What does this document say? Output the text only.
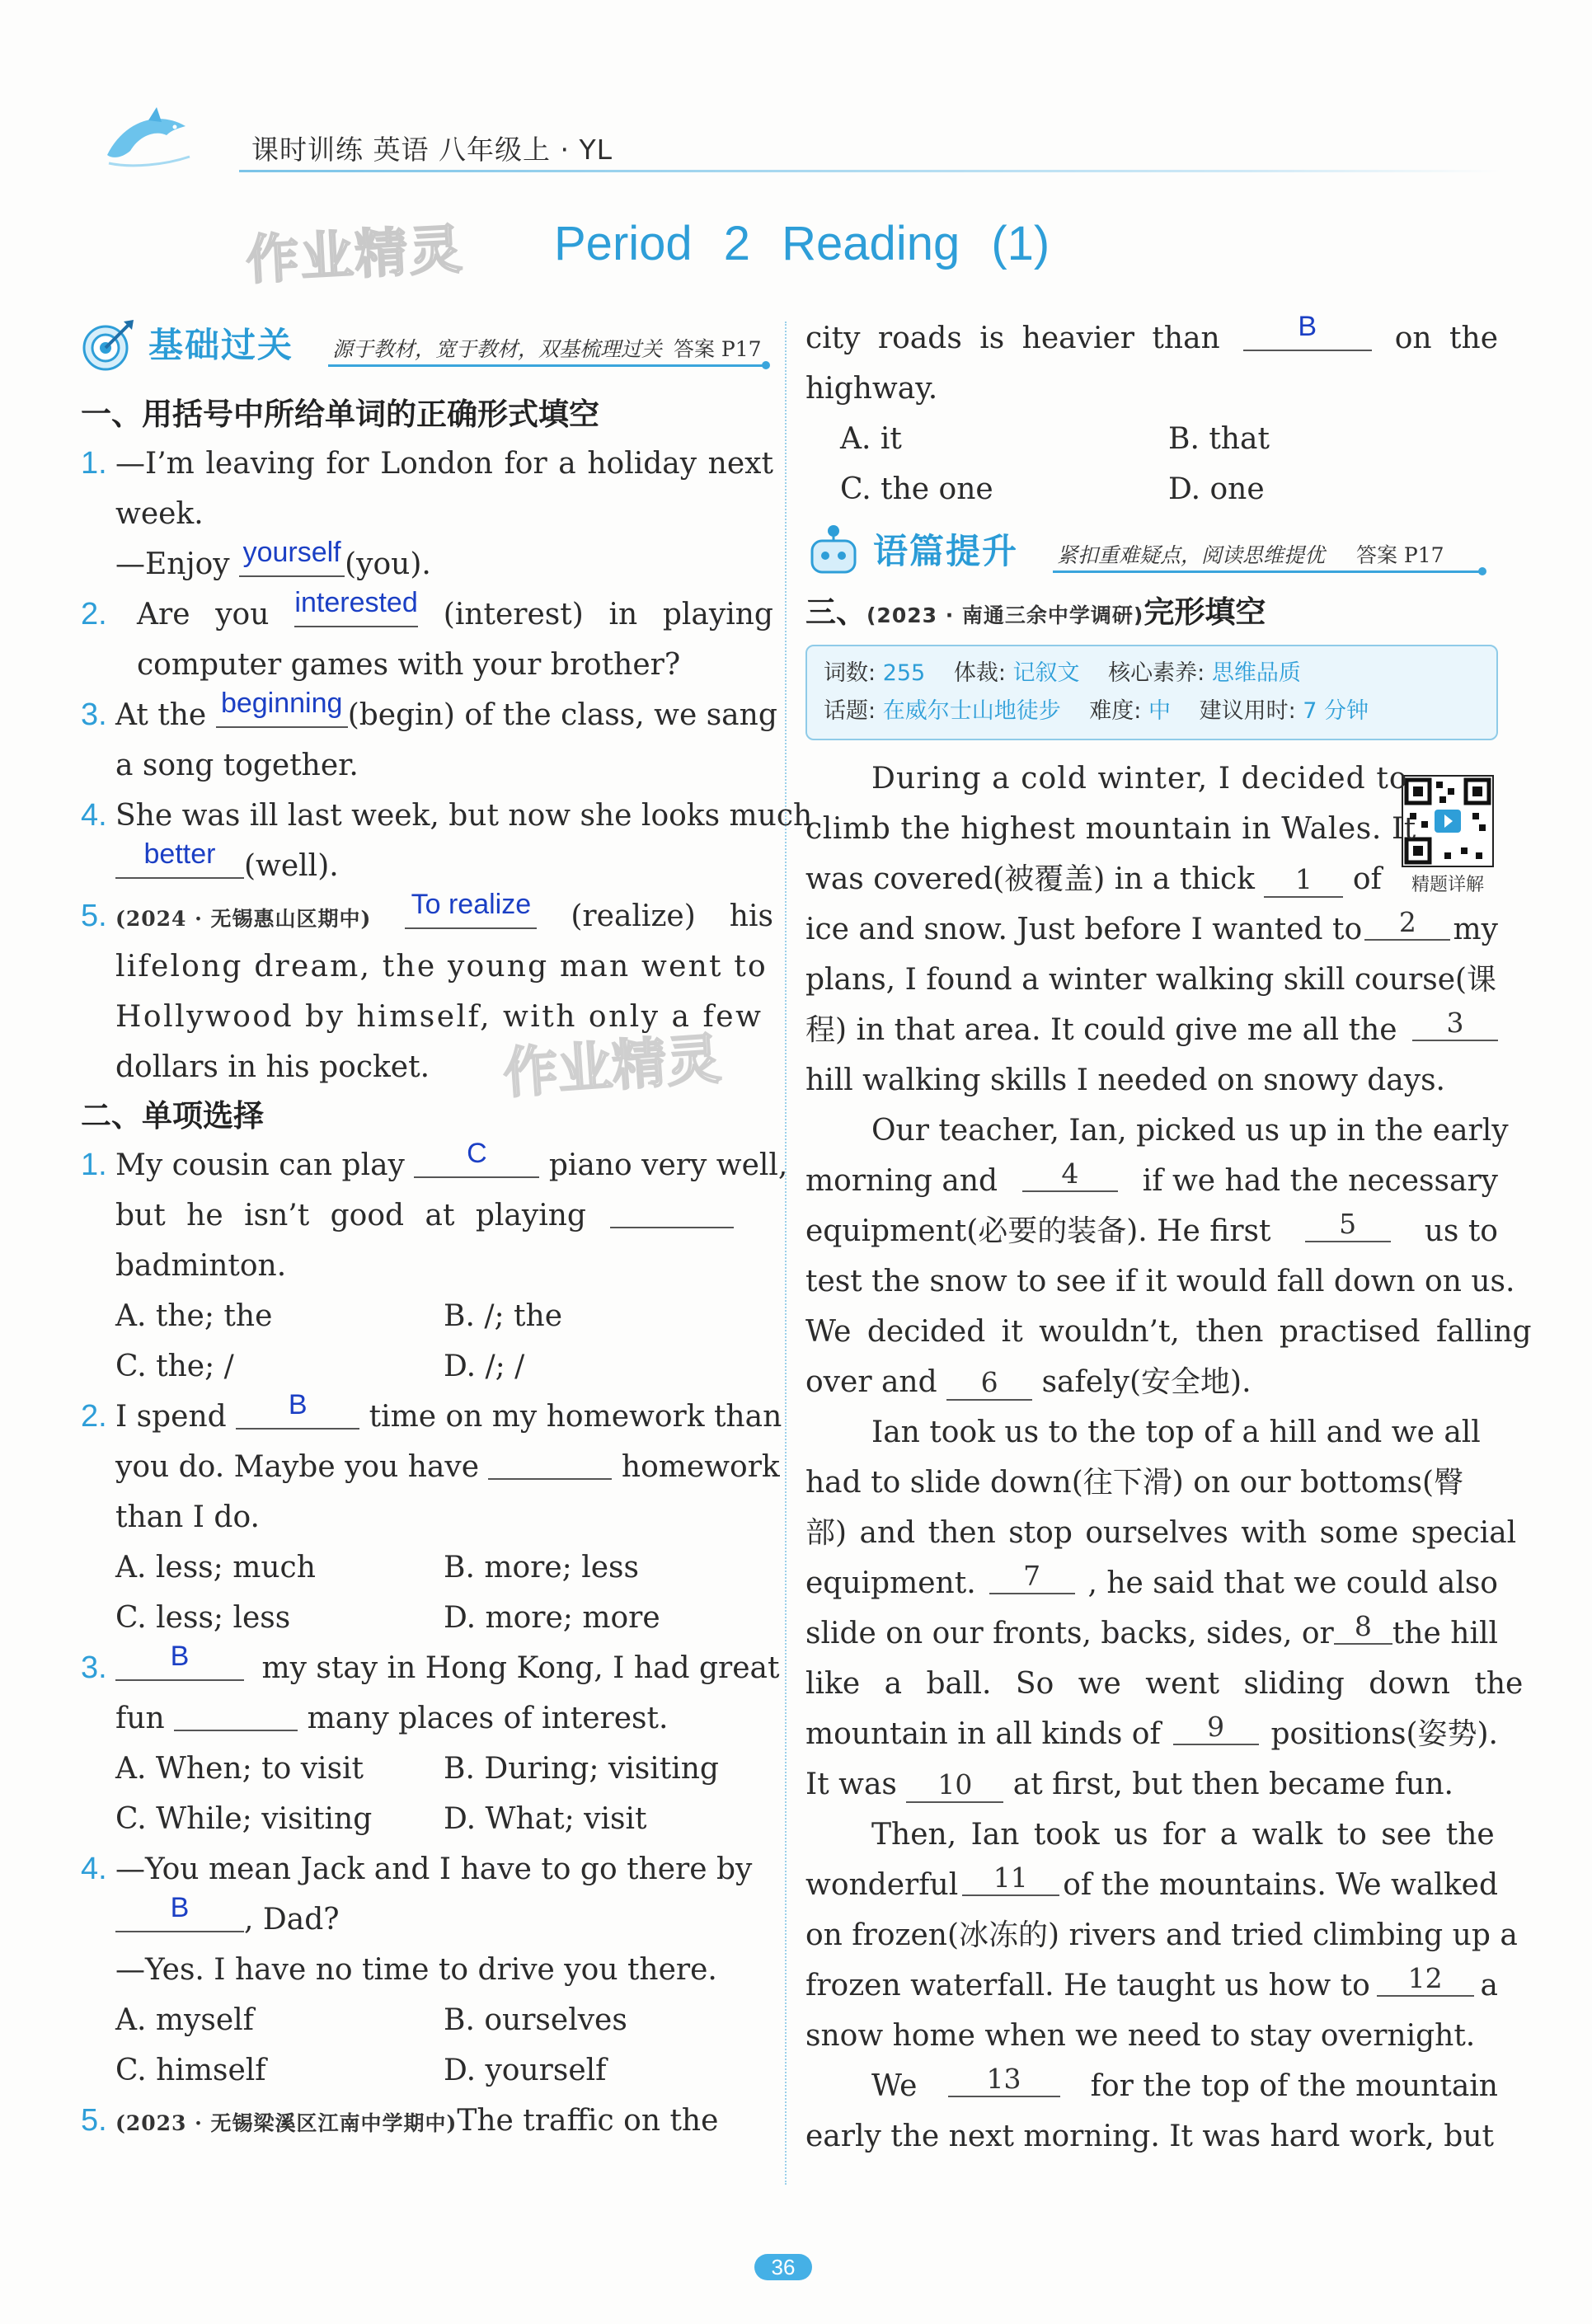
课时训练 英语 八年级上 · YL
作业精灵 Period 2 Reading (1)
基础过关 源于教材，宽于教材，双基梳理过关 答案 P17
一、用括号中所给单词的正确形式填空
1. —I’m leaving for London for a holiday next
week.
—Enjoy yourself (you).
2. Are you interested (interest) in playing
computer games with your brother?
3. At the beginning (begin) of the class, we sang
a song together.
4. She was ill last week, but now she looks much
better (well).
5. (2024 · 无锡惠山区期中) To realize (realize) his
lifelong dream, the young man went to
Hollywood by himself, with only a few
dollars in his pocket.
二、单项选择
1. My cousin can play	C	piano very well,
but he isn’t good at playing
badminton.
A. the; the	B. /; the
C. the; /	D. /; /
2. I spend	B	time on my homework than
you do. Maybe you have	homework
than I do.
A. less; much	B. more; less
C. less; less	D. more; more
3.	B	my stay in Hong Kong, I had great
fun	many places of interest.
A. When; to visit	B. During; visiting
C. While; visiting	D. What; visit
4. —You mean Jack and I have to go there by
B	, Dad?
—Yes. I have no time to drive you there.
A. myself	B. ourselves
C. himself	D. yourself
5. (2023 · 无锡梁溪区江南中学期中)The traffic on the
作业精灵
city roads is heavier than	B	on the
highway.
A. it	B. that
C. the one	D. one
语篇提升 紧扣重难疑点，阅读思维提优 答案 P17
三、(2023 · 南通三余中学调研)完形填空
词数: 255 体裁: 记叙文 核心素养: 思维品质
话题: 在威尔士山地徒步 难度: 中 建议用时: 7 分钟
精题详解
During a cold winter, I decided to
climb the highest mountain in Wales. It
was covered(被覆盖) in a thick 1 of
ice and snow. Just before I wanted to	2	my
plans, I found a winter walking skill course(课
程) in that area. It could give me all the	3
hill walking skills I needed on snowy days.
Our teacher, Ian, picked us up in the early
morning and	4	if we had the necessary
equipment(必要的装备). He first	5	us to
test the snow to see if it would fall down on us.
We decided it wouldn’t, then practised falling
over and 6 safely(安全地).
Ian took us to the top of a hill and we all
had to slide down(往下滑) on our bottoms(臀
部) and then stop ourselves with some special
equipment.	7	, he said that we could also
slide on our fronts, backs, sides, or 8 the hill
like a ball. So we went sliding down the
mountain in all kinds of	9	positions(姿势).
It was 10 at first, but then became fun.
Then, Ian took us for a walk to see the
wonderful	11	of the mountains. We walked
on frozen(冰冻的) rivers and tried climbing up a
frozen waterfall. He taught us how to	12	a
snow home when we need to stay overnight.
We	13	for the top of the mountain
early the next morning. It was hard work, but
36
